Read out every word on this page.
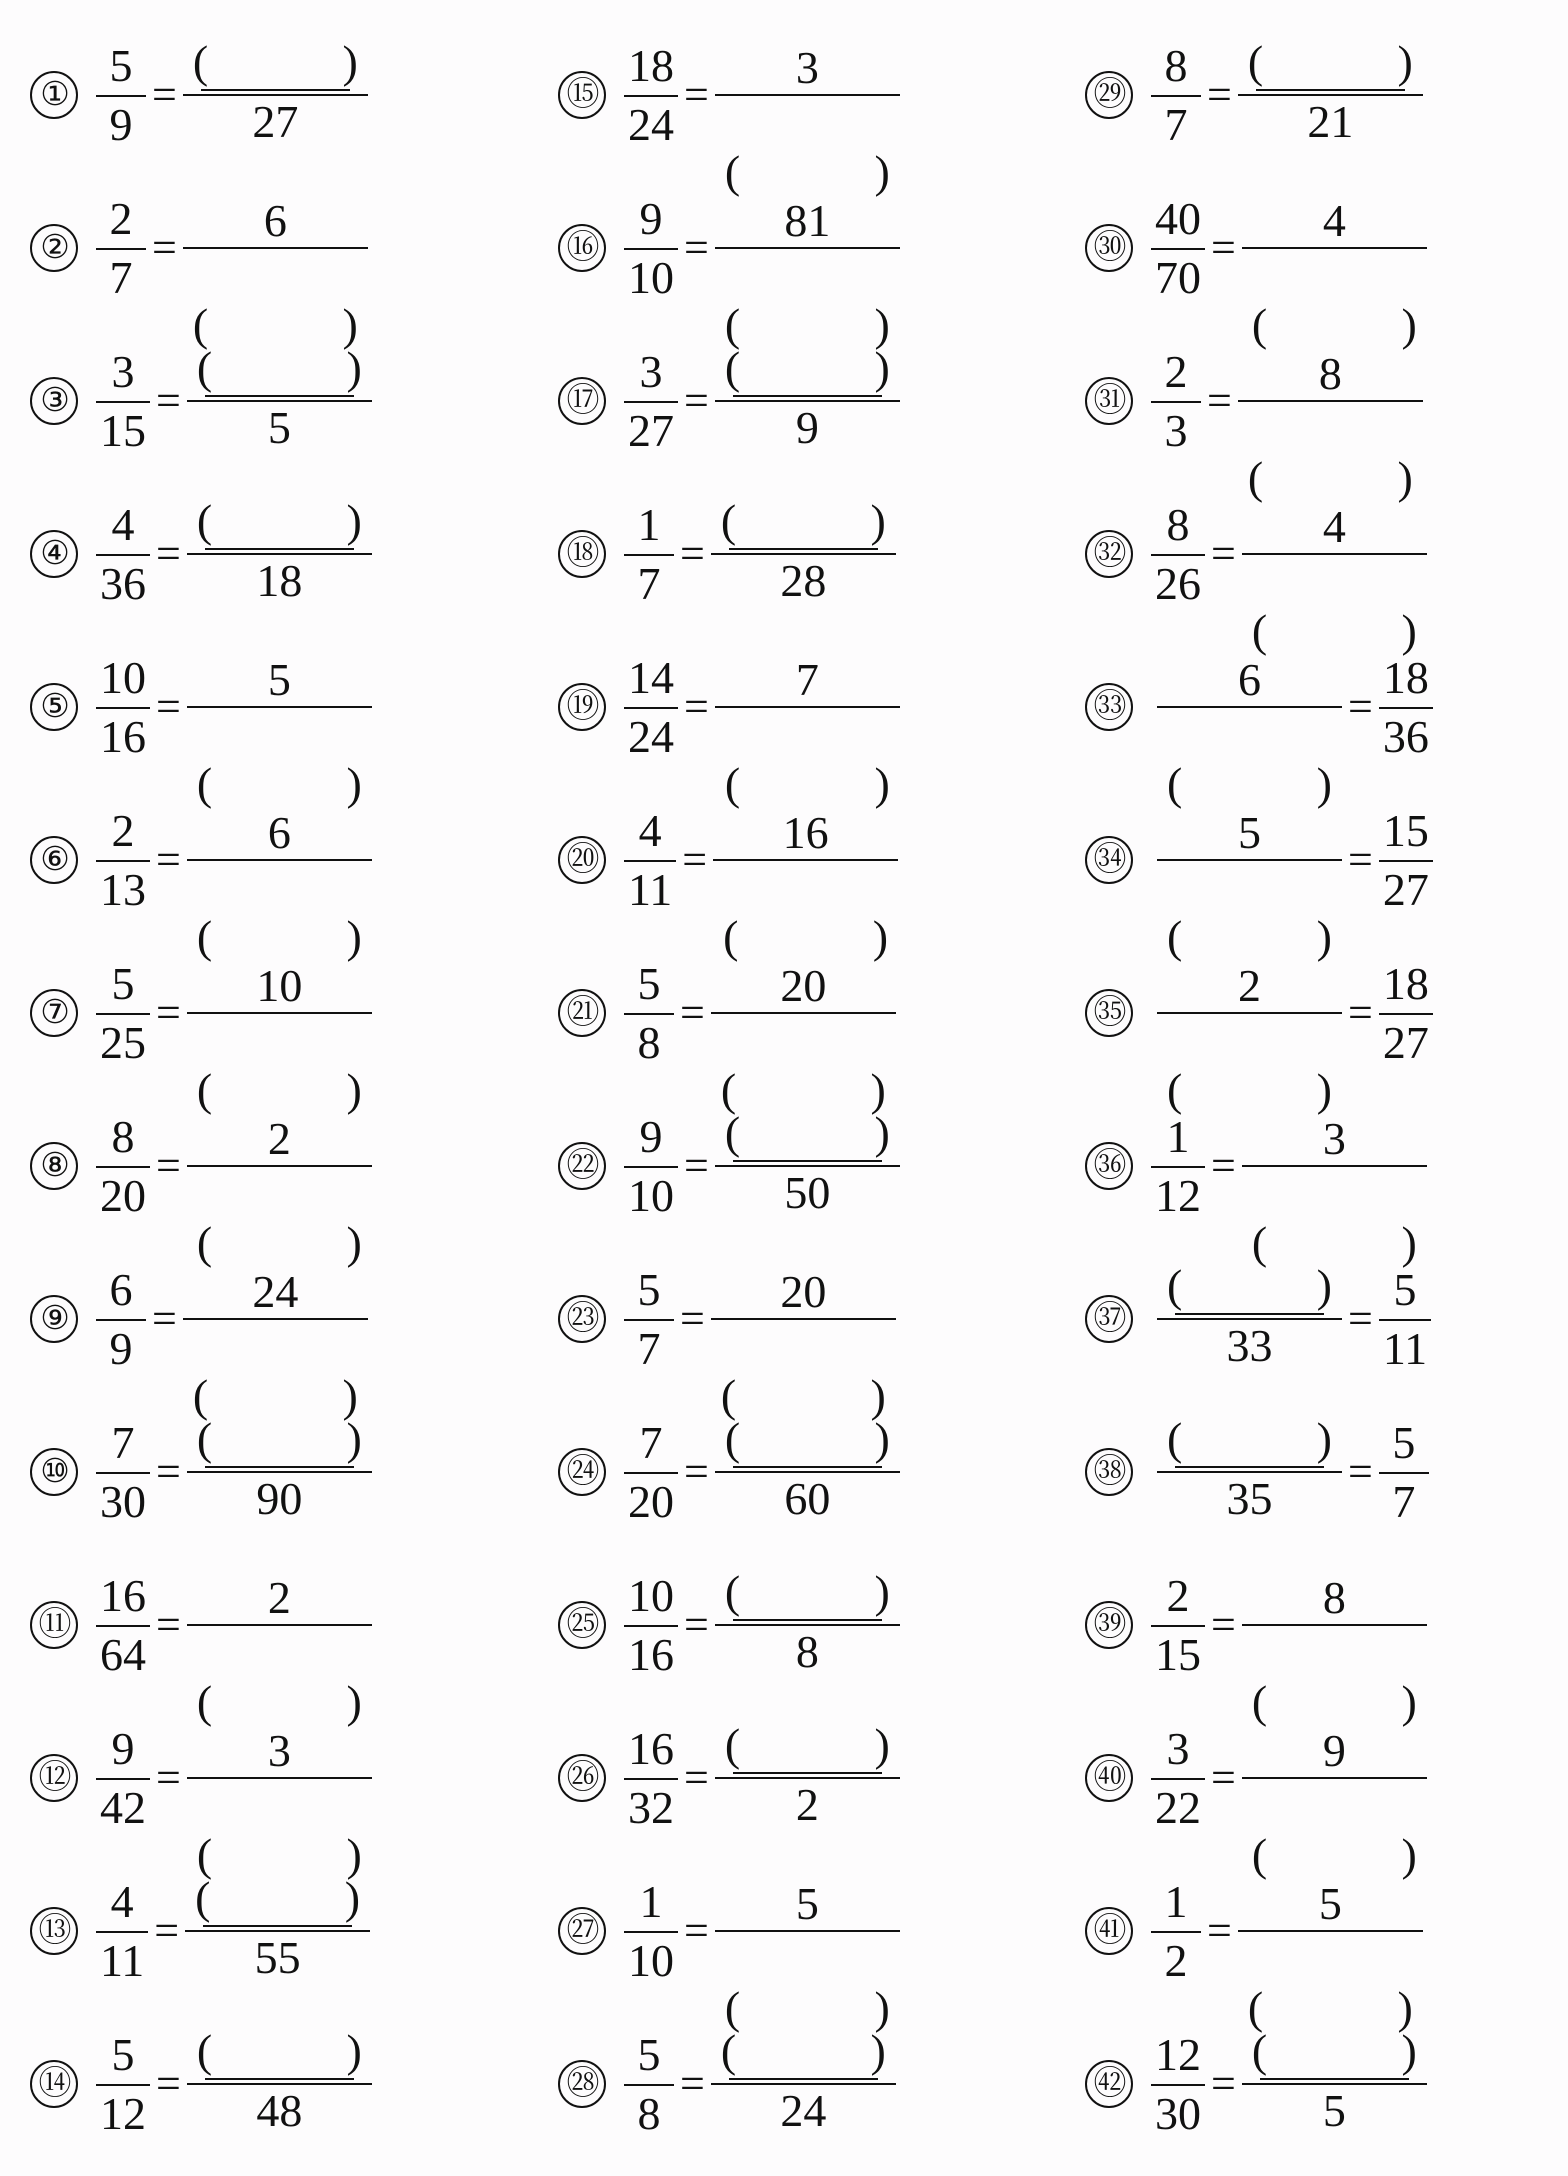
① $\frac{5}{9}$ =
(	)
27
② $\frac{2}{7}$ =
6
(	)
③ $\frac{3}{15}$ =
(	)
5
④ $\frac{4}{36}$ =
(	)
18
⑤ $\frac{10}{16}$ =
5
(	)
⑥ $\frac{2}{13}$ =
6
(	)
⑦ $\frac{5}{25}$ =
10
(	)
⑧ $\frac{8}{20}$ =
2
(	)
⑨ $\frac{6}{9}$ =
24
(	)
⑩ $\frac{7}{30}$ =
(	)
90
⑪ $\frac{16}{64}$ =
2
(	)
⑫ $\frac{9}{42}$ =
3
(	)
⑬ $\frac{4}{11}$ =
(	)
55
⑭ $\frac{5}{12}$ =
(	)
48
⑮ $\frac{18}{24}$ =
3
(	)
⑯ $\frac{9}{10}$ =
81
(	)
⑰ $\frac{3}{27}$ =
(	)
9
⑱ $\frac{1}{7}$ =
(	)
28
⑲ $\frac{14}{24}$ =
7
(	)
⑳ $\frac{4}{11}$ =
16
(	)
㉑ $\frac{5}{8}$ =
20
(	)
㉒ $\frac{9}{10}$ =
(	)
50
㉓ $\frac{5}{7}$ =
20
(	)
㉔ $\frac{7}{20}$ =
(	)
60
㉕ $\frac{10}{16}$ =
(	)
8
㉖ $\frac{16}{32}$ =
(	)
2
㉗ $\frac{1}{10}$ =
5
(	)
㉘ $\frac{5}{8}$ =
(	)
24
㉙ $\frac{8}{7}$ =
(	)
21
㉚ $\frac{40}{70}$ =
4
(	)
㉛ $\frac{2}{3}$ =
8
(	)
㉜ $\frac{8}{26}$ =
4
(	)
㉝
6
(	)
= $\frac{18}{36}$
㉞
5
(	)
= $\frac{15}{27}$
㉟
2
(	)
= $\frac{18}{27}$
㊱ $\frac{1}{12}$ =
3
(	)
㊲
(	)
33
= $\frac{5}{11}$
㊳
(	)
35
= $\frac{5}{7}$
㊴ $\frac{2}{15}$ =
8
(	)
㊵ $\frac{3}{22}$ =
9
(	)
㊶ $\frac{1}{2}$ =
5
(	)
㊷ $\frac{12}{30}$ =
(	)
5
